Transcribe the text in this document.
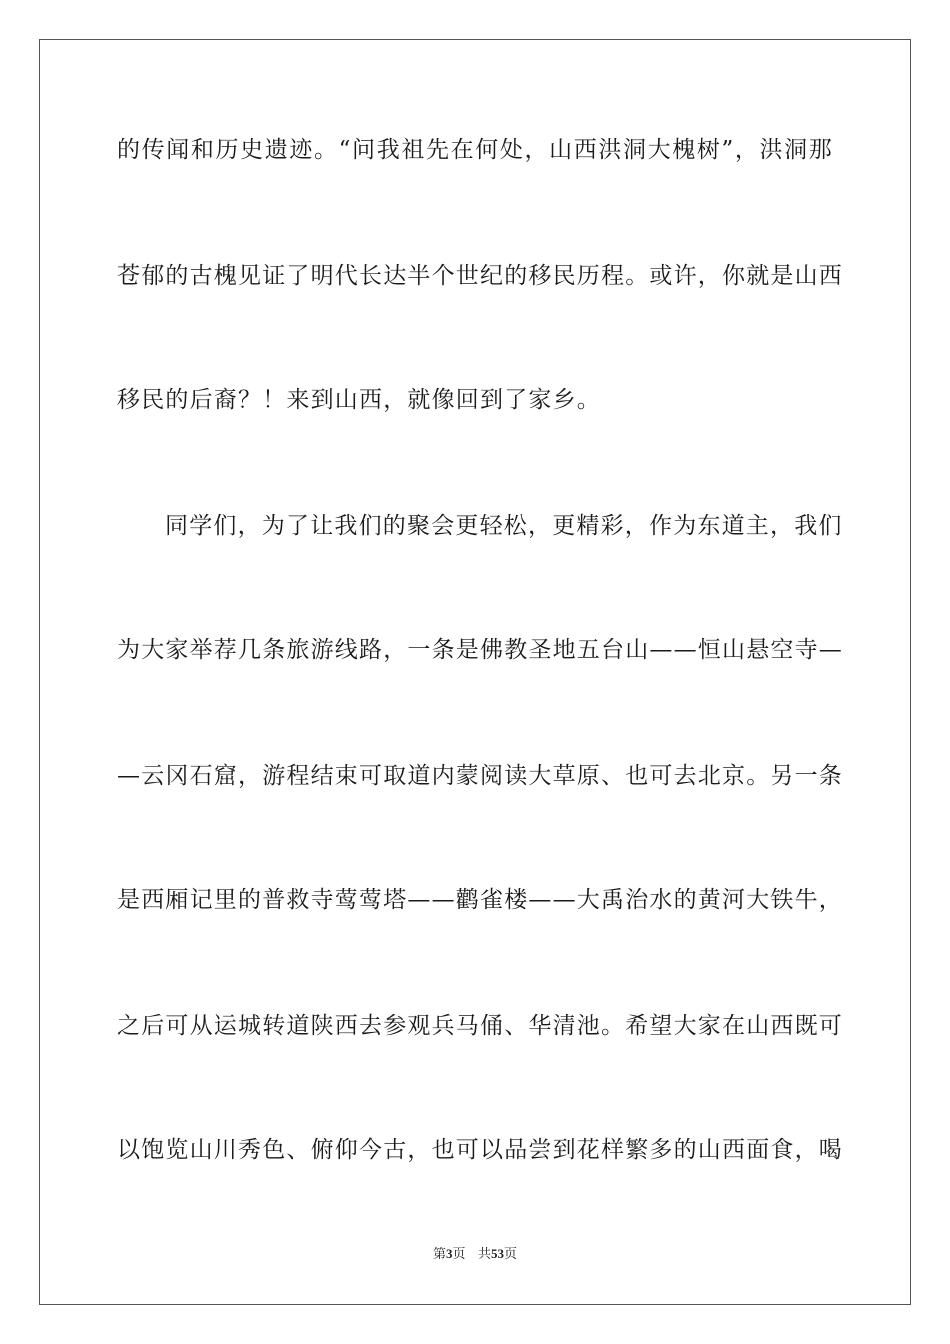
的传闻和历史遗迹。“问我祖先在何处，山西洪洞大槐树”，洪洞那
苍郁的古槐见证了明代长达半个世纪的移民历程。或许，你就是山西
移民的后裔？！来到山西，就像回到了家乡。
同学们，为了让我们的聚会更轻松，更精彩，作为东道主，我们
为大家举荐几条旅游线路，一条是佛教圣地五台山——恒山悬空寺—
—云冈石窟，游程结束可取道内蒙阅读大草原、也可去北京。另一条
是西厢记里的普救寺莺莺塔——鹳雀楼——大禹治水的黄河大铁牛，
之后可从运城转道陕西去参观兵马俑、华清池。希望大家在山西既可
以饱览山川秀色、俯仰今古，也可以品尝到花样繁多的山西面食，喝
第3页 共53页
